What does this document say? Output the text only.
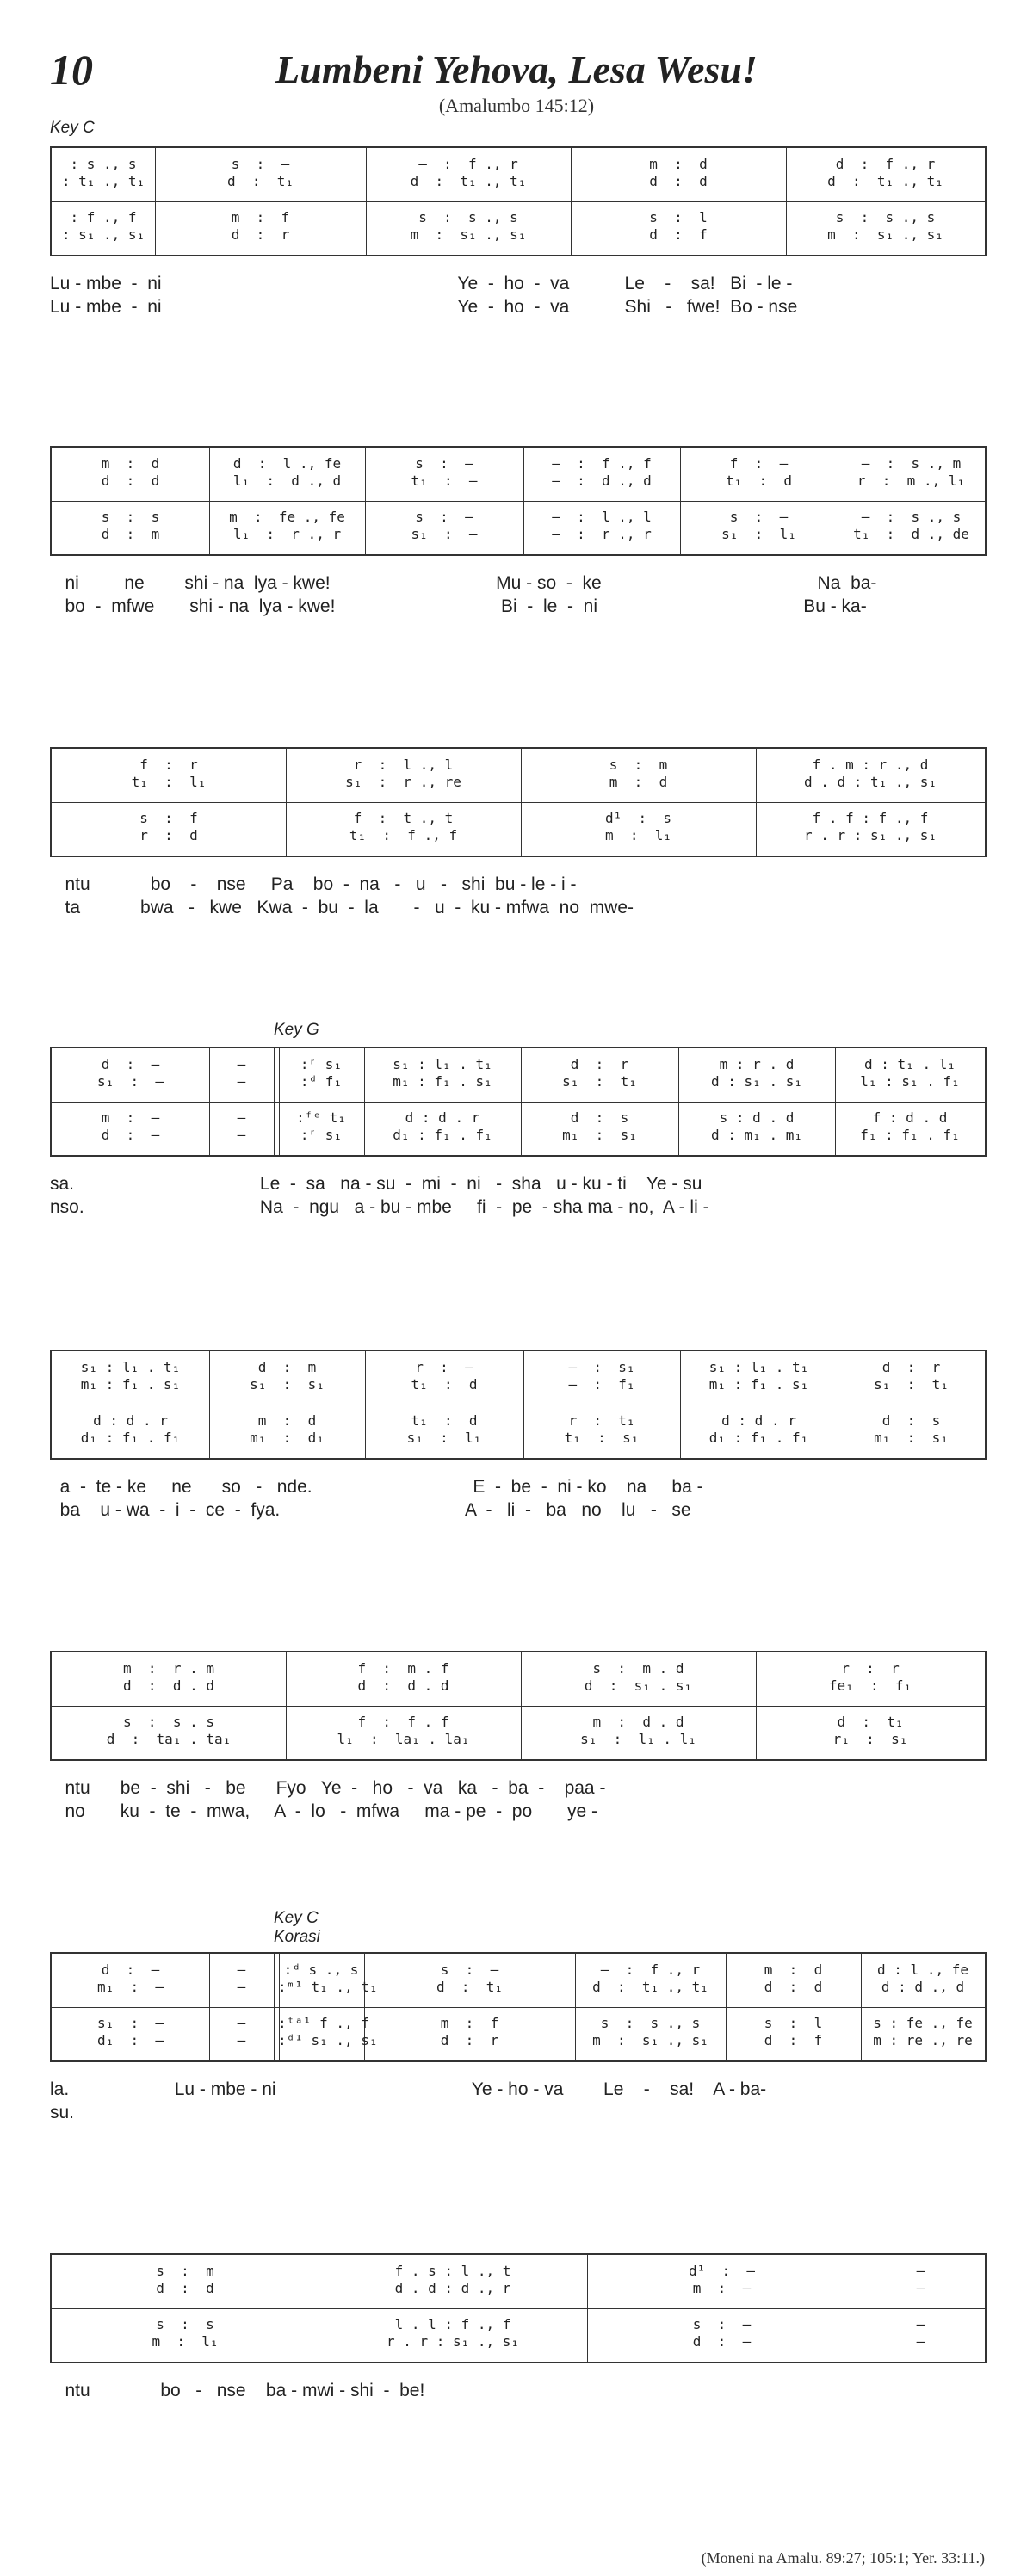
10	Lumbeni Yehova, Lesa Wesu!
(Amalumbo 145:12)
Key C
: s ., s
: t₁ ., t₁
: f ., f
: s₁ ., s₁
s  :  —
d  :  t₁
m  :  f
d  :  r
—  :  f ., r
d  :  t₁ ., t₁
s  :  s ., s
m  :  s₁ ., s₁
m  :  d
d  :  d
s  :  l
d  :  f
d  :  f ., r
d  :  t₁ ., t₁
s  :  s ., s
m  :  s₁ ., s₁
Lu - mbe  -  ni                                                           Ye  -  ho  -  va           Le    -    sa!   Bi  - le -
Lu - mbe  -  ni                                                           Ye  -  ho  -  va           Shi   -   fwe!  Bo - nse
m  :  d
d  :  d
s  :  s
d  :  m
d  :  l ., fe
l₁  :  d ., d
m  :  fe ., fe
l₁  :  r ., r
s  :  —
t₁  :  —
s  :  —
s₁  :  —
—  :  f ., f
—  :  d ., d
—  :  l ., l
—  :  r ., r
f  :  —
t₁  :  d
s  :  —
s₁  :  l₁
—  :  s ., m
r  :  m ., l₁
—  :  s ., s
t₁  :  d ., de
ni         ne        shi - na  lya - kwe!                                 Mu - so  -  ke                                           Na  ba-
bo  -  mfwe       shi - na  lya - kwe!                                 Bi  -  le  -  ni                                         Bu - ka-
f  :  r
t₁  :  l₁
s  :  f
r  :  d
r  :  l ., l
s₁  :  r ., re
f  :  t ., t
t₁  :  f ., f
s  :  m
m  :  d
d¹  :  s
m  :  l₁
f . m : r ., d
d . d : t₁ ., s₁
f . f : f ., f
r . r : s₁ ., s₁
ntu            bo    -    nse     Pa    bo  -  na   -   u   -   shi  bu - le - i -
ta            bwa   -   kwe   Kwa  -  bu  -  la       -   u  -  ku - mfwa  no  mwe-
Key G
d  :  —
s₁  :  —
m  :  —
d  :  —
—
—
—
—
:ʳ s₁
:ᵈ f₁
:ᶠᵉ t₁
:ʳ s₁
s₁ : l₁ . t₁
m₁ : f₁ . s₁
d : d . r
d₁ : f₁ . f₁
d  :  r
s₁  :  t₁
d  :  s
m₁  :  s₁
m : r . d
d : s₁ . s₁
s : d . d
d : m₁ . m₁
d : t₁ . l₁
l₁ : s₁ . f₁
f : d . d
f₁ : f₁ . f₁
sa.                                     Le  -  sa   na - su  -  mi  -  ni   -  sha   u - ku - ti    Ye - su
nso.                                   Na  -  ngu   a - bu - mbe     fi  -  pe  - sha ma - no,  A - li -
s₁ : l₁ . t₁
m₁ : f₁ . s₁
d : d . r
d₁ : f₁ . f₁
d  :  m
s₁  :  s₁
m  :  d
m₁  :  d₁
r  :  —
t₁  :  d
t₁  :  d
s₁  :  l₁
—  :  s₁
—  :  f₁
r  :  t₁
t₁  :  s₁
s₁ : l₁ . t₁
m₁ : f₁ . s₁
d : d . r
d₁ : f₁ . f₁
d  :  r
s₁  :  t₁
d  :  s
m₁  :  s₁
a  -  te - ke     ne      so   -   nde.                                E  -  be  -  ni - ko    na     ba -
ba    u - wa  -  i  -  ce  -  fya.                                     A  -   li  -   ba   no    lu   -   se
m  :  r . m
d  :  d . d
s  :  s . s
d  :  ta₁ . ta₁
f  :  m . f
d  :  d . d
f  :  f . f
l₁  :  la₁ . la₁
s  :  m . d
d  :  s₁ . s₁
m  :  d . d
s₁  :  l₁ . l₁
r  :  r
fe₁  :  f₁
d  :  t₁
r₁  :  s₁
ntu      be  -  shi   -   be      Fyo   Ye  -   ho   -  va   ka   -  ba  -    paa -
no       ku  -  te  -  mwa,     A  -  lo   -  mfwa     ma - pe  -  po       ye -
Key C
Korasi
d  :  —
m₁  :  —
s₁  :  —
d₁  :  —
—
—
—
—
:ᵈ s ., s
:ᵐ¹ t₁ ., t₁
:ᵗᵃ¹ f ., f
:ᵈ¹ s₁ ., s₁
s  :  —
d  :  t₁
m  :  f
d  :  r
—  :  f ., r
d  :  t₁ ., t₁
s  :  s ., s
m  :  s₁ ., s₁
m  :  d
d  :  d
s  :  l
d  :  f
d : l ., fe
d : d ., d
s : fe ., fe
m : re ., re
la.                     Lu - mbe - ni                                       Ye - ho - va        Le    -    sa!    A - ba-
su.
s  :  m
d  :  d
s  :  s
m  :  l₁
f . s : l ., t
d . d : d ., r
l . l : f ., f
r . r : s₁ ., s₁
d¹  :  —
m  :  —
s  :  —
d  :  —
—
—
—
—
ntu              bo   -   nse    ba - mwi - shi  -  be!
(Moneni na Amalu. 89:27; 105:1; Yer. 33:11.)
